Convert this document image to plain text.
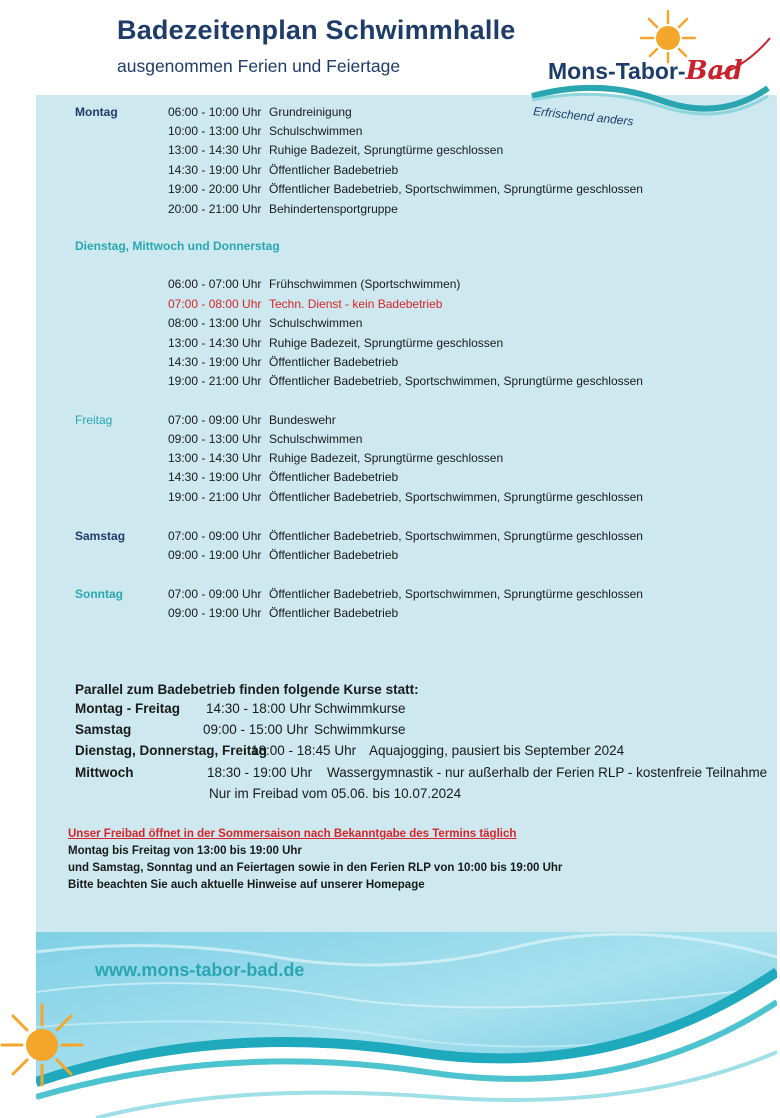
Badezeitenplan Schwimmhalle
ausgenommen Ferien und Feiertage	Mons-Tabor-Bad
Erfrischend anders
Montag	06:00 - 10:00 Uhr Grundreinigung
10:00 - 13:00 Uhr Schulschwimmen
13:00 - 14:30 Uhr Ruhige Badezeit, Sprungtürme geschlossen
14:30 - 19:00 Uhr Öffentlicher Badebetrieb
19:00 - 20:00 Uhr Öffentlicher Badebetrieb, Sportschwimmen, Sprungtürme geschlossen
20:00 - 21:00 Uhr Behindertensportgruppe
Dienstag, Mittwoch und Donnerstag
06:00 - 07:00 Uhr Frühschwimmen (Sportschwimmen)
07:00 - 08:00 Uhr Techn. Dienst - kein Badebetrieb
08:00 - 13:00 Uhr Schulschwimmen
13:00 - 14:30 Uhr Ruhige Badezeit, Sprungtürme geschlossen
14:30 - 19:00 Uhr Öffentlicher Badebetrieb
19:00 - 21:00 Uhr Öffentlicher Badebetrieb, Sportschwimmen, Sprungtürme geschlossen
Freitag	07:00 - 09:00 Uhr Bundeswehr
09:00 - 13:00 Uhr Schulschwimmen
13:00 - 14:30 Uhr Ruhige Badezeit, Sprungtürme geschlossen
14:30 - 19:00 Uhr Öffentlicher Badebetrieb
19:00 - 21:00 Uhr Öffentlicher Badebetrieb, Sportschwimmen, Sprungtürme geschlossen
Samstag	07:00 - 09:00 Uhr Öffentlicher Badebetrieb, Sportschwimmen, Sprungtürme geschlossen
09:00 - 19:00 Uhr Öffentlicher Badebetrieb
Sonntag	07:00 - 09:00 Uhr Öffentlicher Badebetrieb, Sportschwimmen, Sprungtürme geschlossen
09:00 - 19:00 Uhr Öffentlicher Badebetrieb
Parallel zum Badebetrieb finden folgende Kurse statt:
Montag - Freitag 14:30 - 18:00 Uhr Schwimmkurse
Samstag	09:00 - 15:00 Uhr Schwimmkurse
Dienstag, Donnerstag, Freitag
18:00 - 18:45 Uhr Aquajogging, pausiert bis September 2024
Mittwoch	18:30 - 19:00 Uhr Wassergymnastik - nur außerhalb der Ferien RLP - kostenfreie Teilnahme
Nur im Freibad vom 05.06. bis 10.07.2024
Unser Freibad öffnet in der Sommersaison nach Bekanntgabe des Termins täglich
Montag bis Freitag von 13:00 bis 19:00 Uhr
und Samstag, Sonntag und an Feiertagen sowie in den Ferien RLP von 10:00 bis 19:00 Uhr
Bitte beachten Sie auch aktuelle Hinweise auf unserer Homepage
www.mons-tabor-bad.de
